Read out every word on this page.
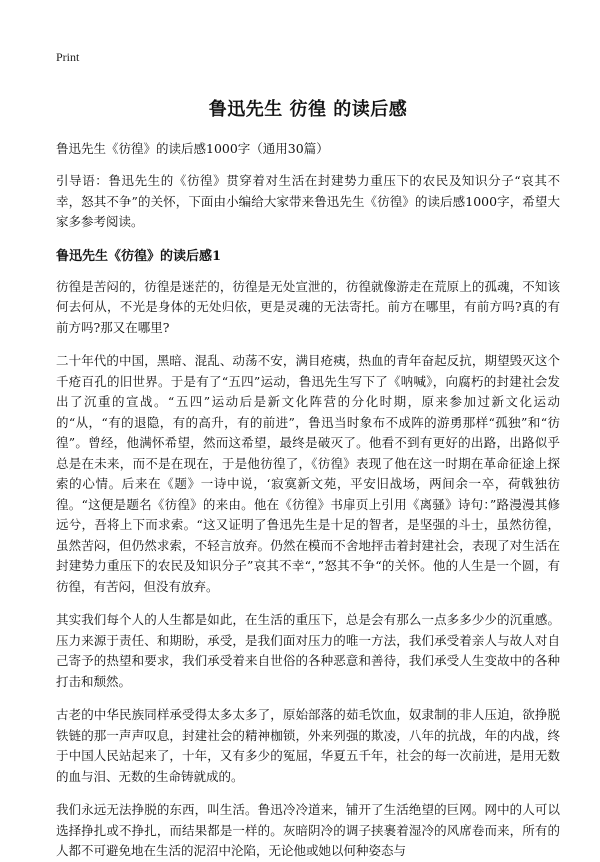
Print
鲁迅先生 彷徨 的读后感
鲁迅先生《彷徨》的读后感1000字（通用30篇）

引导语：鲁迅先生的《彷徨》贯穿着对生活在封建势力重压下的农民及知识分子“哀其不幸，怒其不争”的关怀，下面由小编给大家带来鲁迅先生《彷徨》的读后感1000字，希望大家多参考阅读。

鲁迅先生《彷徨》的读后感1

彷徨是苦闷的，彷徨是迷茫的，彷徨是无处宣泄的，彷徨就像游走在荒原上的孤魂，不知该何去何从，不光是身体的无处归依，更是灵魂的无法寄托。前方在哪里，有前方吗?真的有前方吗?那又在哪里?

二十年代的中国，黑暗、混乱、动荡不安，满目疮痍，热血的青年奋起反抗，期望毁灭这个千疮百孔的旧世界。于是有了“五四”运动，鲁迅先生写下了《呐喊》，向腐朽的封建社会发出了沉重的宣战。“五四”运动后是新文化阵营的分化时期，原来参加过新文化运动的“从，“有的退隐，有的高升，有的前进”，鲁迅当时象布不成阵的游勇那样“孤独”和“彷徨”。曾经，他满怀希望，然而这希望，最终是破灭了。他看不到有更好的出路，出路似乎总是在未来，而不是在现在，于是他彷徨了，《彷徨》表现了他在这一时期在革命征途上探索的心情。后来在《题》一诗中说，‘寂寞新文苑，平安旧战场，两间余一卒，荷戟独彷徨。“这便是题名《彷徨》的来由。他在《彷徨》书扉页上引用《离骚》诗句：”路漫漫其修远兮，吾将上下而求索。“这又证明了鲁迅先生是十足的智者，是坚强的斗士，虽然彷徨，虽然苦闷，但仍然求索，不轻言放弃。仍然在模而不舍地抨击着封建社会，表现了对生活在封建势力重压下的农民及知识分子”哀其不幸“，”怒其不争“的关怀。他的人生是一个圆，有彷徨，有苦闷，但没有放弃。

其实我们每个人的人生都是如此，在生活的重压下，总是会有那么一点多多少少的沉重感。压力来源于责任、和期盼，承受，是我们面对压力的唯一方法，我们承受着亲人与故人对自己寄予的热望和要求，我们承受着来自世俗的各种恶意和善待，我们承受人生变故中的各种打击和颓然。

古老的中华民族同样承受得太多太多了，原始部落的茹毛饮血，奴隶制的非人压迫，欲挣脱铁链的那一声声叹息，封建社会的精神枷锁，外来列强的欺凌，八年的抗战，年的内战，终于中国人民站起来了，十年，又有多少的冤屈，华夏五千年，社会的每一次前进，是用无数的血与泪、无数的生命铸就成的。

我们永远无法挣脱的东西，叫生活。鲁迅冷冷道来，铺开了生活绝望的巨网。网中的人可以选择挣扎或不挣扎，而结果都是一样的。灰暗阴冷的调子挟裹着湿冷的风席卷而来，所有的人都不可避免地在生活的泥沼中沦陷，无论他或她以何种姿态与
